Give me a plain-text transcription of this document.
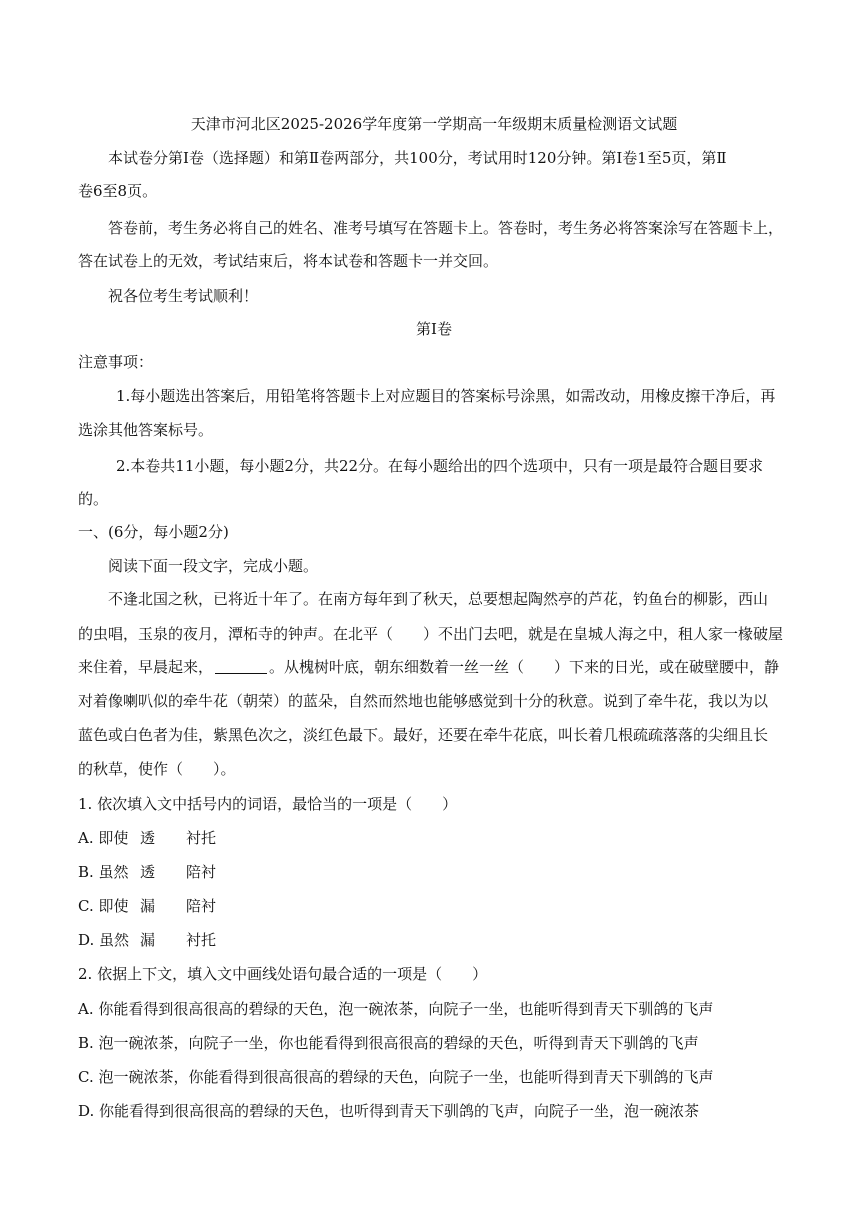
天津市河北区2025-2026学年度第一学期高一年级期末质量检测语文试题
本试卷分第Ⅰ卷（选择题）和第Ⅱ卷两部分，共100分，考试用时120分钟。第Ⅰ卷1至5页，第Ⅱ
卷6至8页。
答卷前，考生务必将自己的姓名、准考号填写在答题卡上。答卷时，考生务必将答案涂写在答题卡上，
答在试卷上的无效，考试结束后，将本试卷和答题卡一并交回。
祝各位考生考试顺利！
第Ⅰ卷
注意事项：
1.每小题选出答案后，用铅笔将答题卡上对应题目的答案标号涂黑，如需改动，用橡皮擦干净后，再
选涂其他答案标号。
2.本卷共11小题，每小题2分，共22分。在每小题给出的四个选项中，只有一项是最符合题目要求
的。
一、(6分，每小题2分)
阅读下面一段文字，完成小题。
不逢北国之秋，已将近十年了。在南方每年到了秋天，总要想起陶然亭的芦花，钓鱼台的柳影，西山
的虫唱，玉泉的夜月，潭柘寺的钟声。在北平（　　）不出门去吧，就是在皇城人海之中，租人家一椽破屋
来住着，早晨起来，	。从槐树叶底，朝东细数着一丝一丝（　　）下来的日光，或在破壁腰中，静
对着像喇叭似的牵牛花（朝荣）的蓝朵，自然而然地也能够感觉到十分的秋意。说到了牵牛花，我以为以
蓝色或白色者为佳，紫黑色次之，淡红色最下。最好，还要在牵牛花底，叫长着几根疏疏落落的尖细且长
的秋草，使作（　　）。
1. 依次填入文中括号内的词语，最恰当的一项是（　　）
A. 即使 透 衬托
B. 虽然 透 陪衬
C. 即使 漏 陪衬
D. 虽然 漏 衬托
2. 依据上下文，填入文中画线处语句最合适的一项是（　　）
A. 你能看得到很高很高的碧绿的天色，泡一碗浓茶，向院子一坐，也能听得到青天下驯鸽的飞声
B. 泡一碗浓茶，向院子一坐，你也能看得到很高很高的碧绿的天色，听得到青天下驯鸽的飞声
C. 泡一碗浓茶，你能看得到很高很高的碧绿的天色，向院子一坐，也能听得到青天下驯鸽的飞声
D. 你能看得到很高很高的碧绿的天色，也听得到青天下驯鸽的飞声，向院子一坐，泡一碗浓茶
